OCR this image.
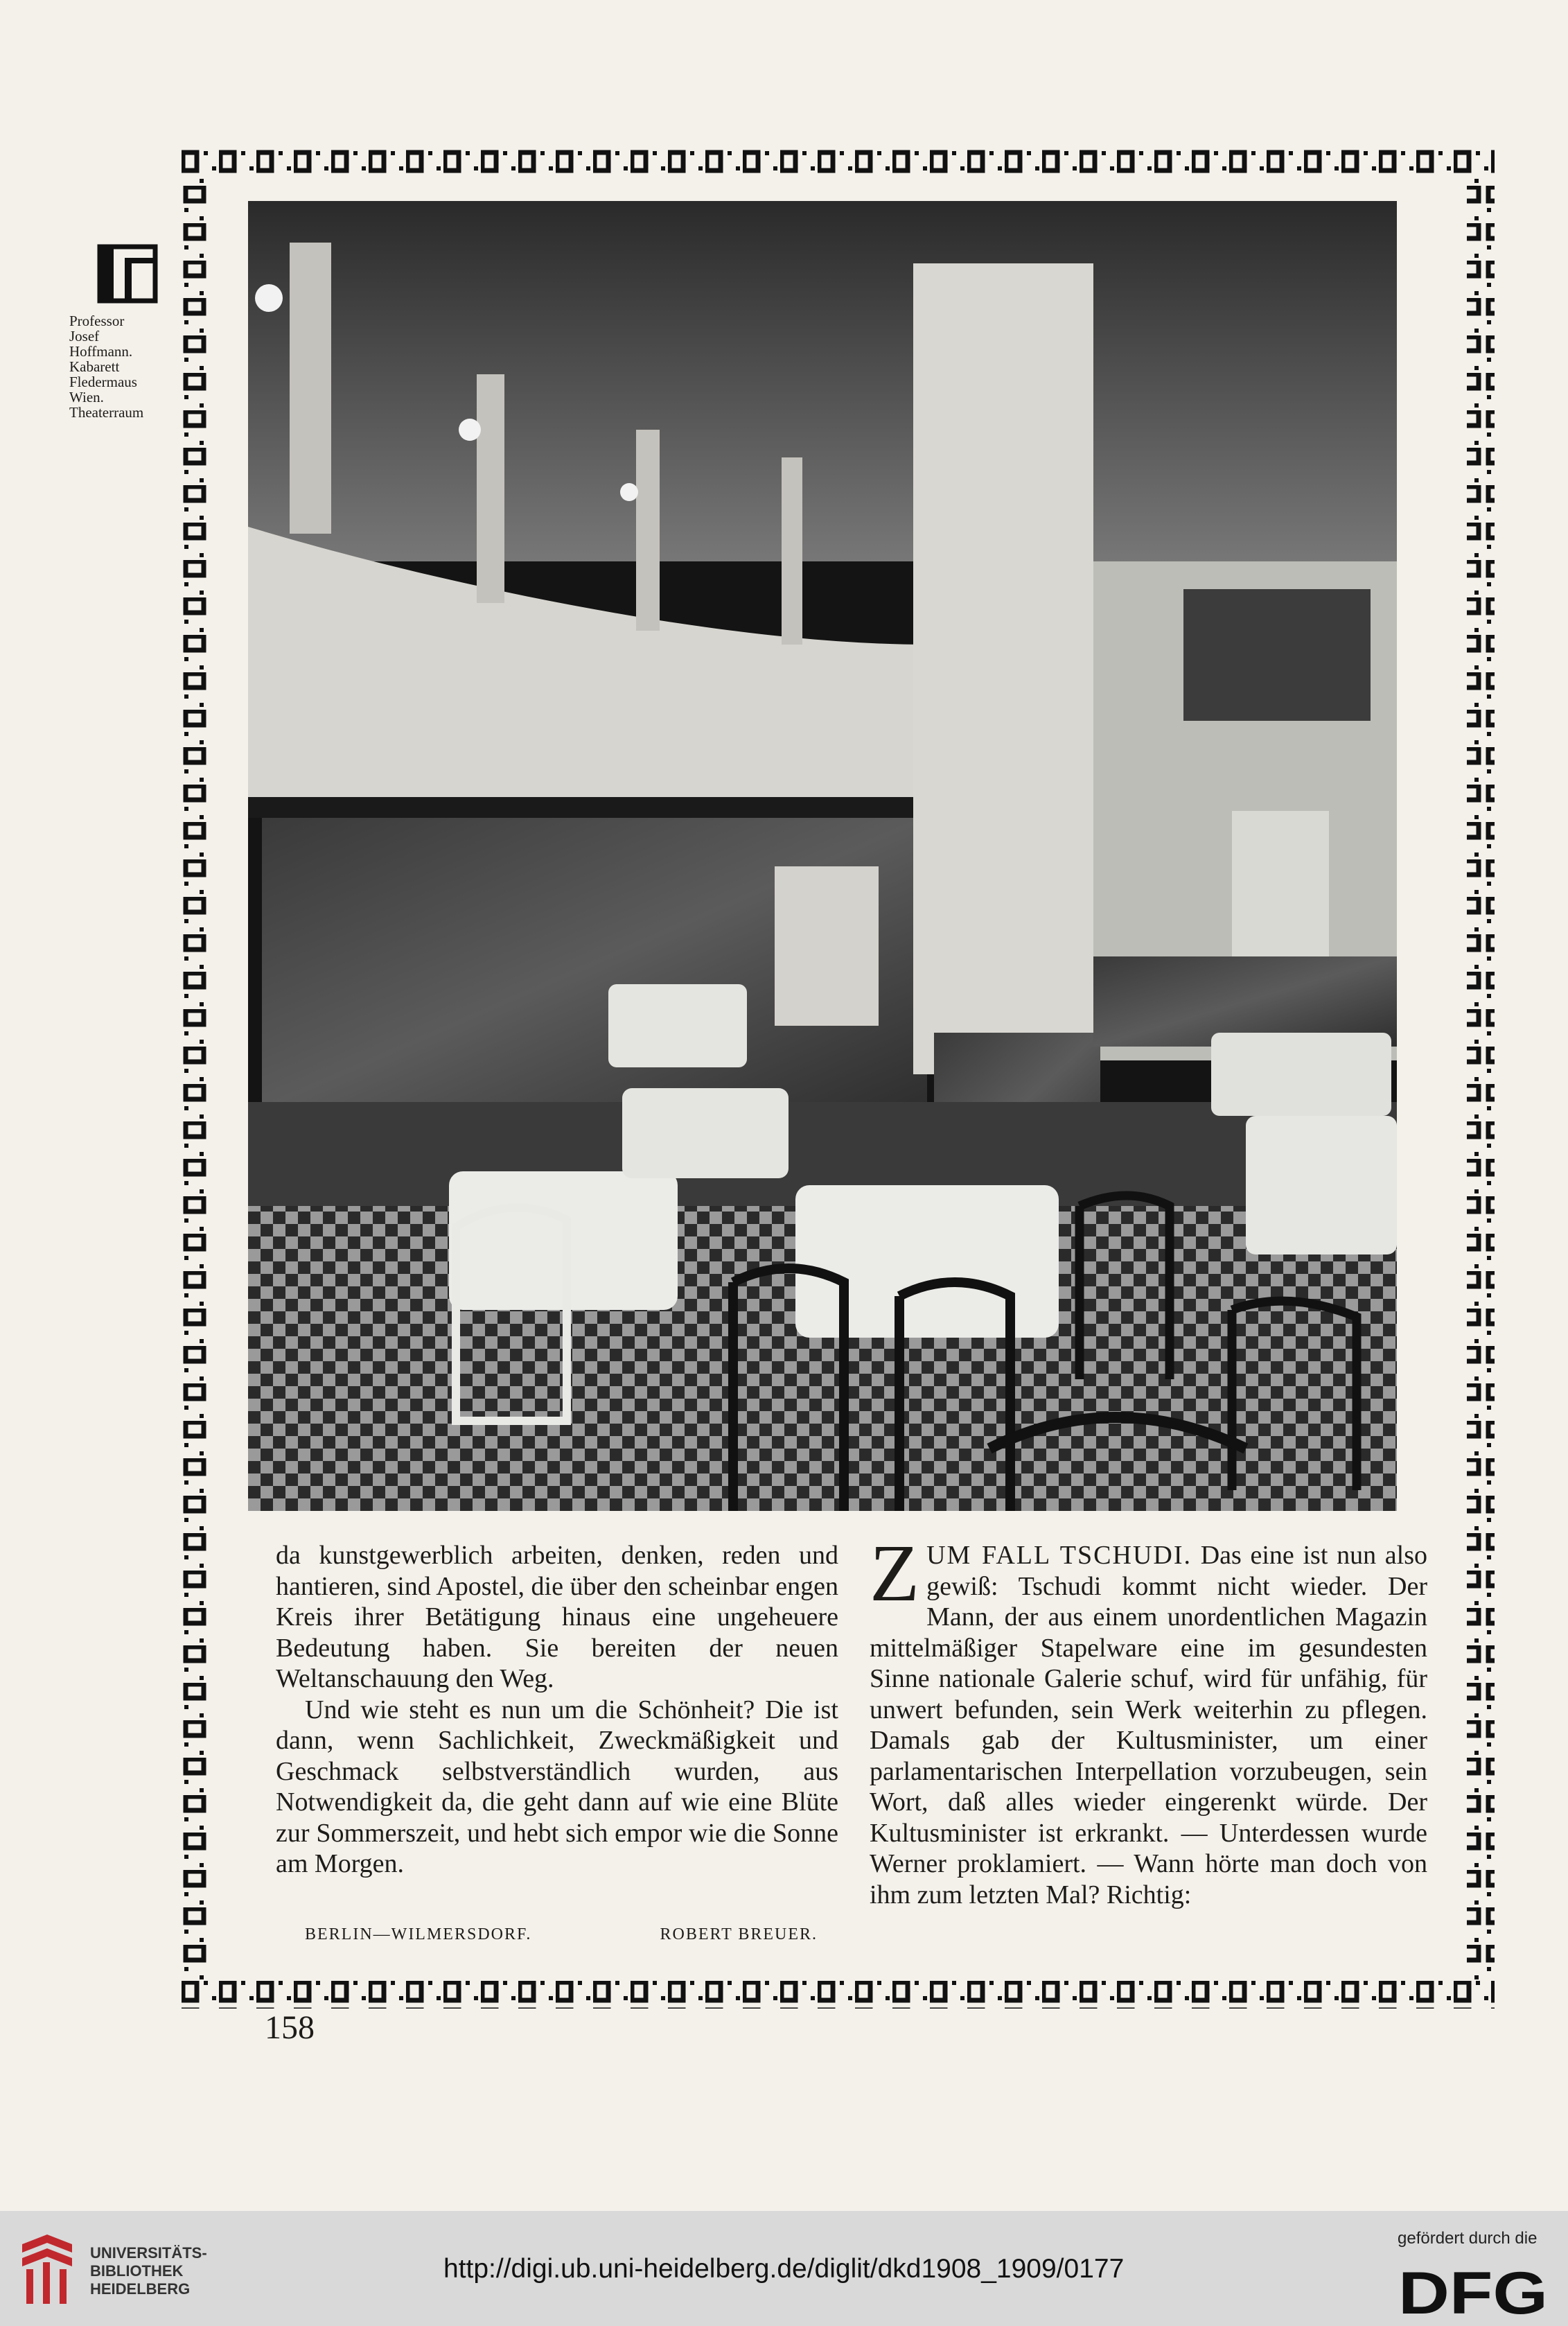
Professor
Josef
Hoffmann.
Kabarett
Fledermaus
Wien.
Theaterraum

da kunstgewerblich arbeiten, denken, reden und hantieren, sind Apostel, die über den scheinbar engen Kreis ihrer Betätigung hinaus eine ungeheuere Bedeutung haben. Sie bereiten der neuen Weltanschauung den Weg.

Und wie steht es nun um die Schönheit? Die ist dann, wenn Sachlichkeit, Zweckmäßigkeit und Geschmack selbstverständlich wurden, aus Notwendigkeit da, die geht dann auf wie eine Blüte zur Sommerszeit, und hebt sich empor wie die Sonne am Morgen.

BERLIN—WILMERSDORF.	ROBERT BREUER.

ZUM FALL TSCHUDI. Das eine ist nun also gewiß: Tschudi kommt nicht wieder. Der Mann, der aus einem unordentlichen Magazin mittelmäßiger Stapelware eine im gesundesten Sinne nationale Galerie schuf, wird für unfähig, für unwert befunden, sein Werk weiterhin zu pflegen. Damals gab der Kultusminister, um einer parlamentarischen Interpellation vorzubeugen, sein Wort, daß alles wieder eingerenkt würde. Der Kultusminister ist erkrankt. — Unterdessen wurde Werner proklamiert. — Wann hörte man doch von ihm zum letzten Mal? Richtig:

158
UNIVERSITÄTS-
BIBLIOTHEK
HEIDELBERG
http://digi.ub.uni-heidelberg.de/diglit/dkd1908_1909/0177
gefördert durch die
DFG
